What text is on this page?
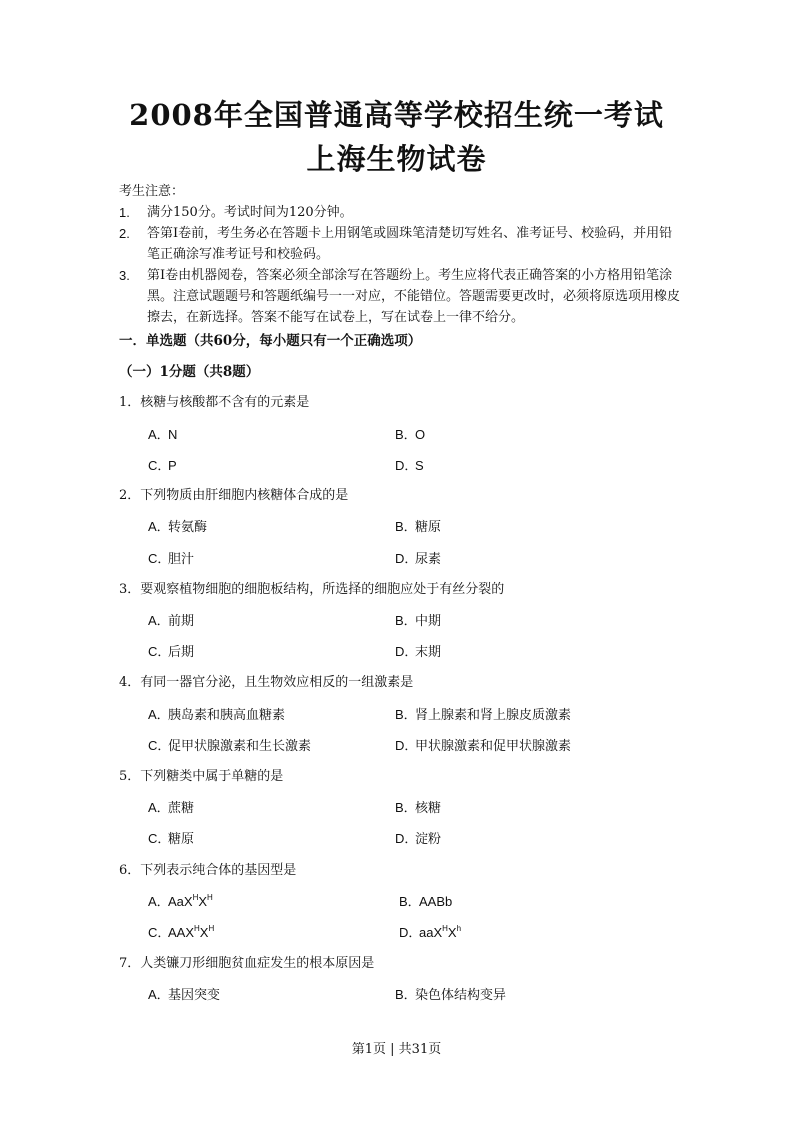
2008年全国普通高等学校招生统一考试
上海生物试卷
考生注意：
1. 满分150分。考试时间为120分钟。
2. 答第Ⅰ卷前，考生务必在答题卡上用钢笔或圆珠笔清楚切写姓名、准考证号、校验码，并用铅笔正确涂写准考证号和校验码。
3. 第Ⅰ卷由机器阅卷，答案必须全部涂写在答题纷上。考生应将代表正确答案的小方格用铅笔涂黑。注意试题题号和答题纸编号一一对应，不能错位。答题需要更改时，必须将原选项用橡皮擦去，在新选择。答案不能写在试卷上，写在试卷上一律不给分。
一．单选题（共60分，每小题只有一个正确选项）
（一）1分题（共8题）
1．核糖与核酸都不含有的元素是
A．N	B．O
C．P	D．S
2．下列物质由肝细胞内核糖体合成的是
A．转氨酶	B．糖原
C．胆汁	D．尿素
3．要观察植物细胞的细胞板结构，所选择的细胞应处于有丝分裂的
A．前期	B．中期
C．后期	D．末期
4．有同一器官分泌，且生物效应相反的一组激素是
A．胰岛素和胰高血糖素	B．肾上腺素和肾上腺皮质激素
C．促甲状腺激素和生长激素	D．甲状腺激素和促甲状腺激素
5．下列糖类中属于单糖的是
A．蔗糖	B．核糖
C．糖原	D．淀粉
6．下列表示纯合体的基因型是
A．$AaX^HX^H$	B．AABb
C．$AAX^HX^H$	D．$aaX^HX^h$
7．人类镰刀形细胞贫血症发生的根本原因是
A．基因突变	B．染色体结构变异
第1页 | 共31页
